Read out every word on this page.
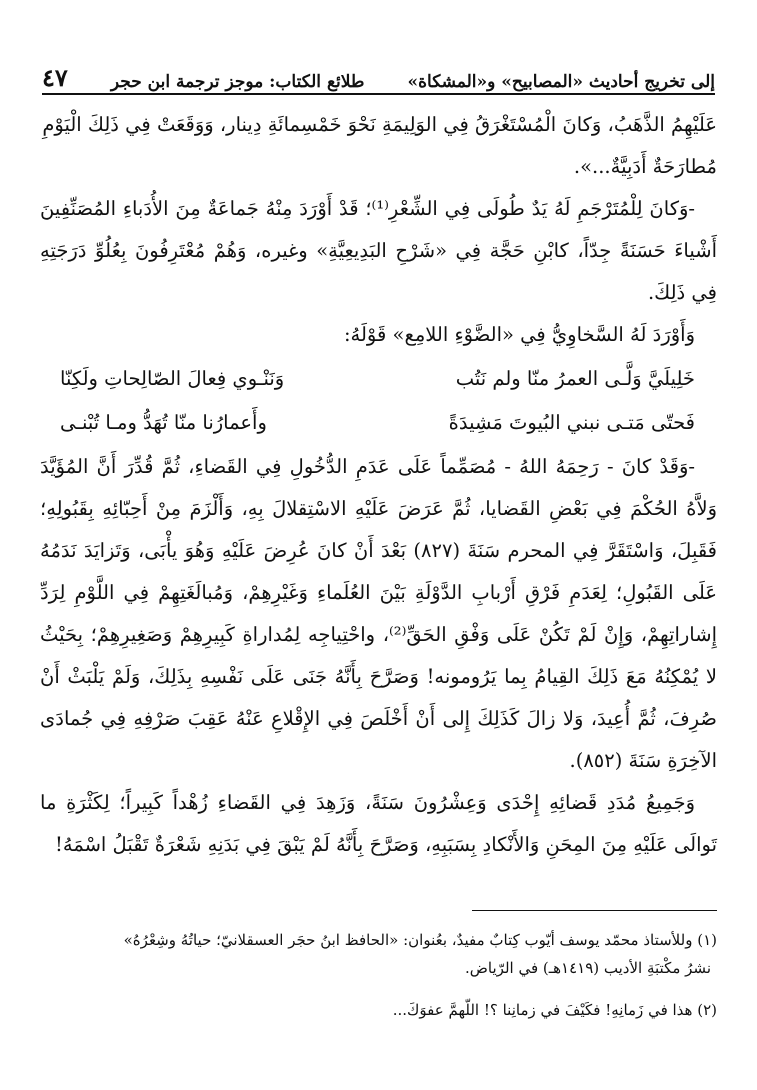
إلى تخريج أحاديث «المصابيح» و«المشكاة»
طلائع الكتاب: موجز ترجمة ابن حجر
٤٧

عَلَيْهِمُ الذَّهَبُ، وَكانَ الْمُسْتَغْرَقُ فِي الوَلِيمَةِ نَحْوَ خَمْسِمائَةِ دِينار، وَوَقَعَتْ فِي ذَلِكَ الْيَوْمِ

مُطارَحَةٌ أَدَبِيَّةٌ...».

-وَكانَ لِلْمُتَرْجَمِ لَهُ يَدٌ طُولَى فِي الشِّعْرِ⁽¹⁾؛ قَدْ أَوْرَدَ مِنْهُ جَماعَةٌ مِنَ الأُدَباءِ المُصَنِّفِينَ أَشْياءَ حَسَنَةً جِدّاً، كابْنِ حَجَّة فِي «شَرْحِ البَدِيعِيَّةِ» وغيره، وَهُمْ مُعْتَرِفُونَ بِعُلُوِّ دَرَجَتِهِ فِي ذَلِكَ.

وَأَوْرَدَ لَهُ السَّخاوِيُّ فِي «الضَّوْءِ اللامِع» قَوْلَهُ:

خَلِيلَيَّ وَلَّـى العمرُ منّا ولم نَتُب
وَنَنْـوي فِعالَ الصّالِحاتِ ولَكِنّا
فَحتّى مَتـى نبني البُيوتَ مَشِيدَةً
وأَعمارُنا منّا تُهَدُّ ومـا تُبْنـى

-وَقَدْ كانَ - رَحِمَهُ اللهُ - مُصَمِّماً عَلَى عَدَمِ الدُّخُولِ فِي القَضاءِ، ثُمَّ قُدِّرَ أَنَّ المُؤَيَّدَ وَلاَّهُ الحُكْمَ فِي بَعْضِ القَضايا، ثُمَّ عَرَضَ عَلَيْهِ الاسْتِقلالَ بِهِ، وَأَلْزَمَ مِنْ أَحِبّائِهِ بِقَبُولِهِ؛ فَقَبِلَ، وَاسْتَقَرَّ فِي المحرم سَنَةَ (٨٢٧) بَعْدَ أَنْ كانَ عُرِضَ عَلَيْهِ وَهُوَ يأْبَى، وَتَزايَدَ نَدَمُهُ عَلَى القَبُولِ؛ لِعَدَمِ فَرْقِ أَرْبابِ الدَّوْلَةِ بَيْنَ العُلَماءِ وَغَيْرِهِمْ، وَمُبالَغَتِهِمْ فِي اللَّوْمِ لِرَدِّ إِشاراتِهِمْ، وَإِنْ لَمْ تَكُنْ عَلَى وَفْقِ الحَقِّ⁽²⁾، واحْتِياجِه لِمُداراةِ كَبِيرِهِمْ وَصَغِيرِهِمْ؛ بِحَيْثُ لا يُمْكِنُهُ مَعَ ذَلِكَ القِيامُ بِما يَرُومونه! وَصَرَّحَ بِأَنَّهُ جَنَى عَلَى نَفْسِهِ بِذَلِكَ، وَلَمْ يَلْبَثْ أَنْ صُرِفَ، ثُمَّ أُعِيدَ، وَلا زالَ كَذَلِكَ إِلى أَنْ أَخْلَصَ فِي الإِقْلاعِ عَنْهُ عَقِبَ صَرْفِهِ فِي جُمادَى الآخِرَةِ سَنَةَ (٨٥٢).

وَجَمِيعُ مُدَدِ قَضائِهِ إِحْدَى وَعِشْرُونَ سَنَةً، وَزَهِدَ فِي القَضاءِ زُهْداً كَبِيراً؛ لِكَثْرَةِ ما تَوالَى عَلَيْهِ مِنَ المِحَنِ وَالأَنْكادِ بِسَبَبِهِ، وَصَرَّحَ بِأَنَّهُ لَمْ يَبْقَ فِي بَدَنِهِ شَعْرَةٌ تَقْبَلُ اسْمَهُ!

(١) وللأستاذ محمّد يوسف أيّوب كِتابٌ مفيدٌ، بعُنوان: «الحافظ ابنُ حجَر العسقلانيّ؛ حياتُهُ وشِعْرُهُ»

نشرُ مكْتبَةِ الأديب (١٤١٩هـ) في الرّياض.

(٢) هذا في زَمانِهِ! فكَيْفَ في زمانِنا ؟! اللّهمَّ عفوَكَ...
